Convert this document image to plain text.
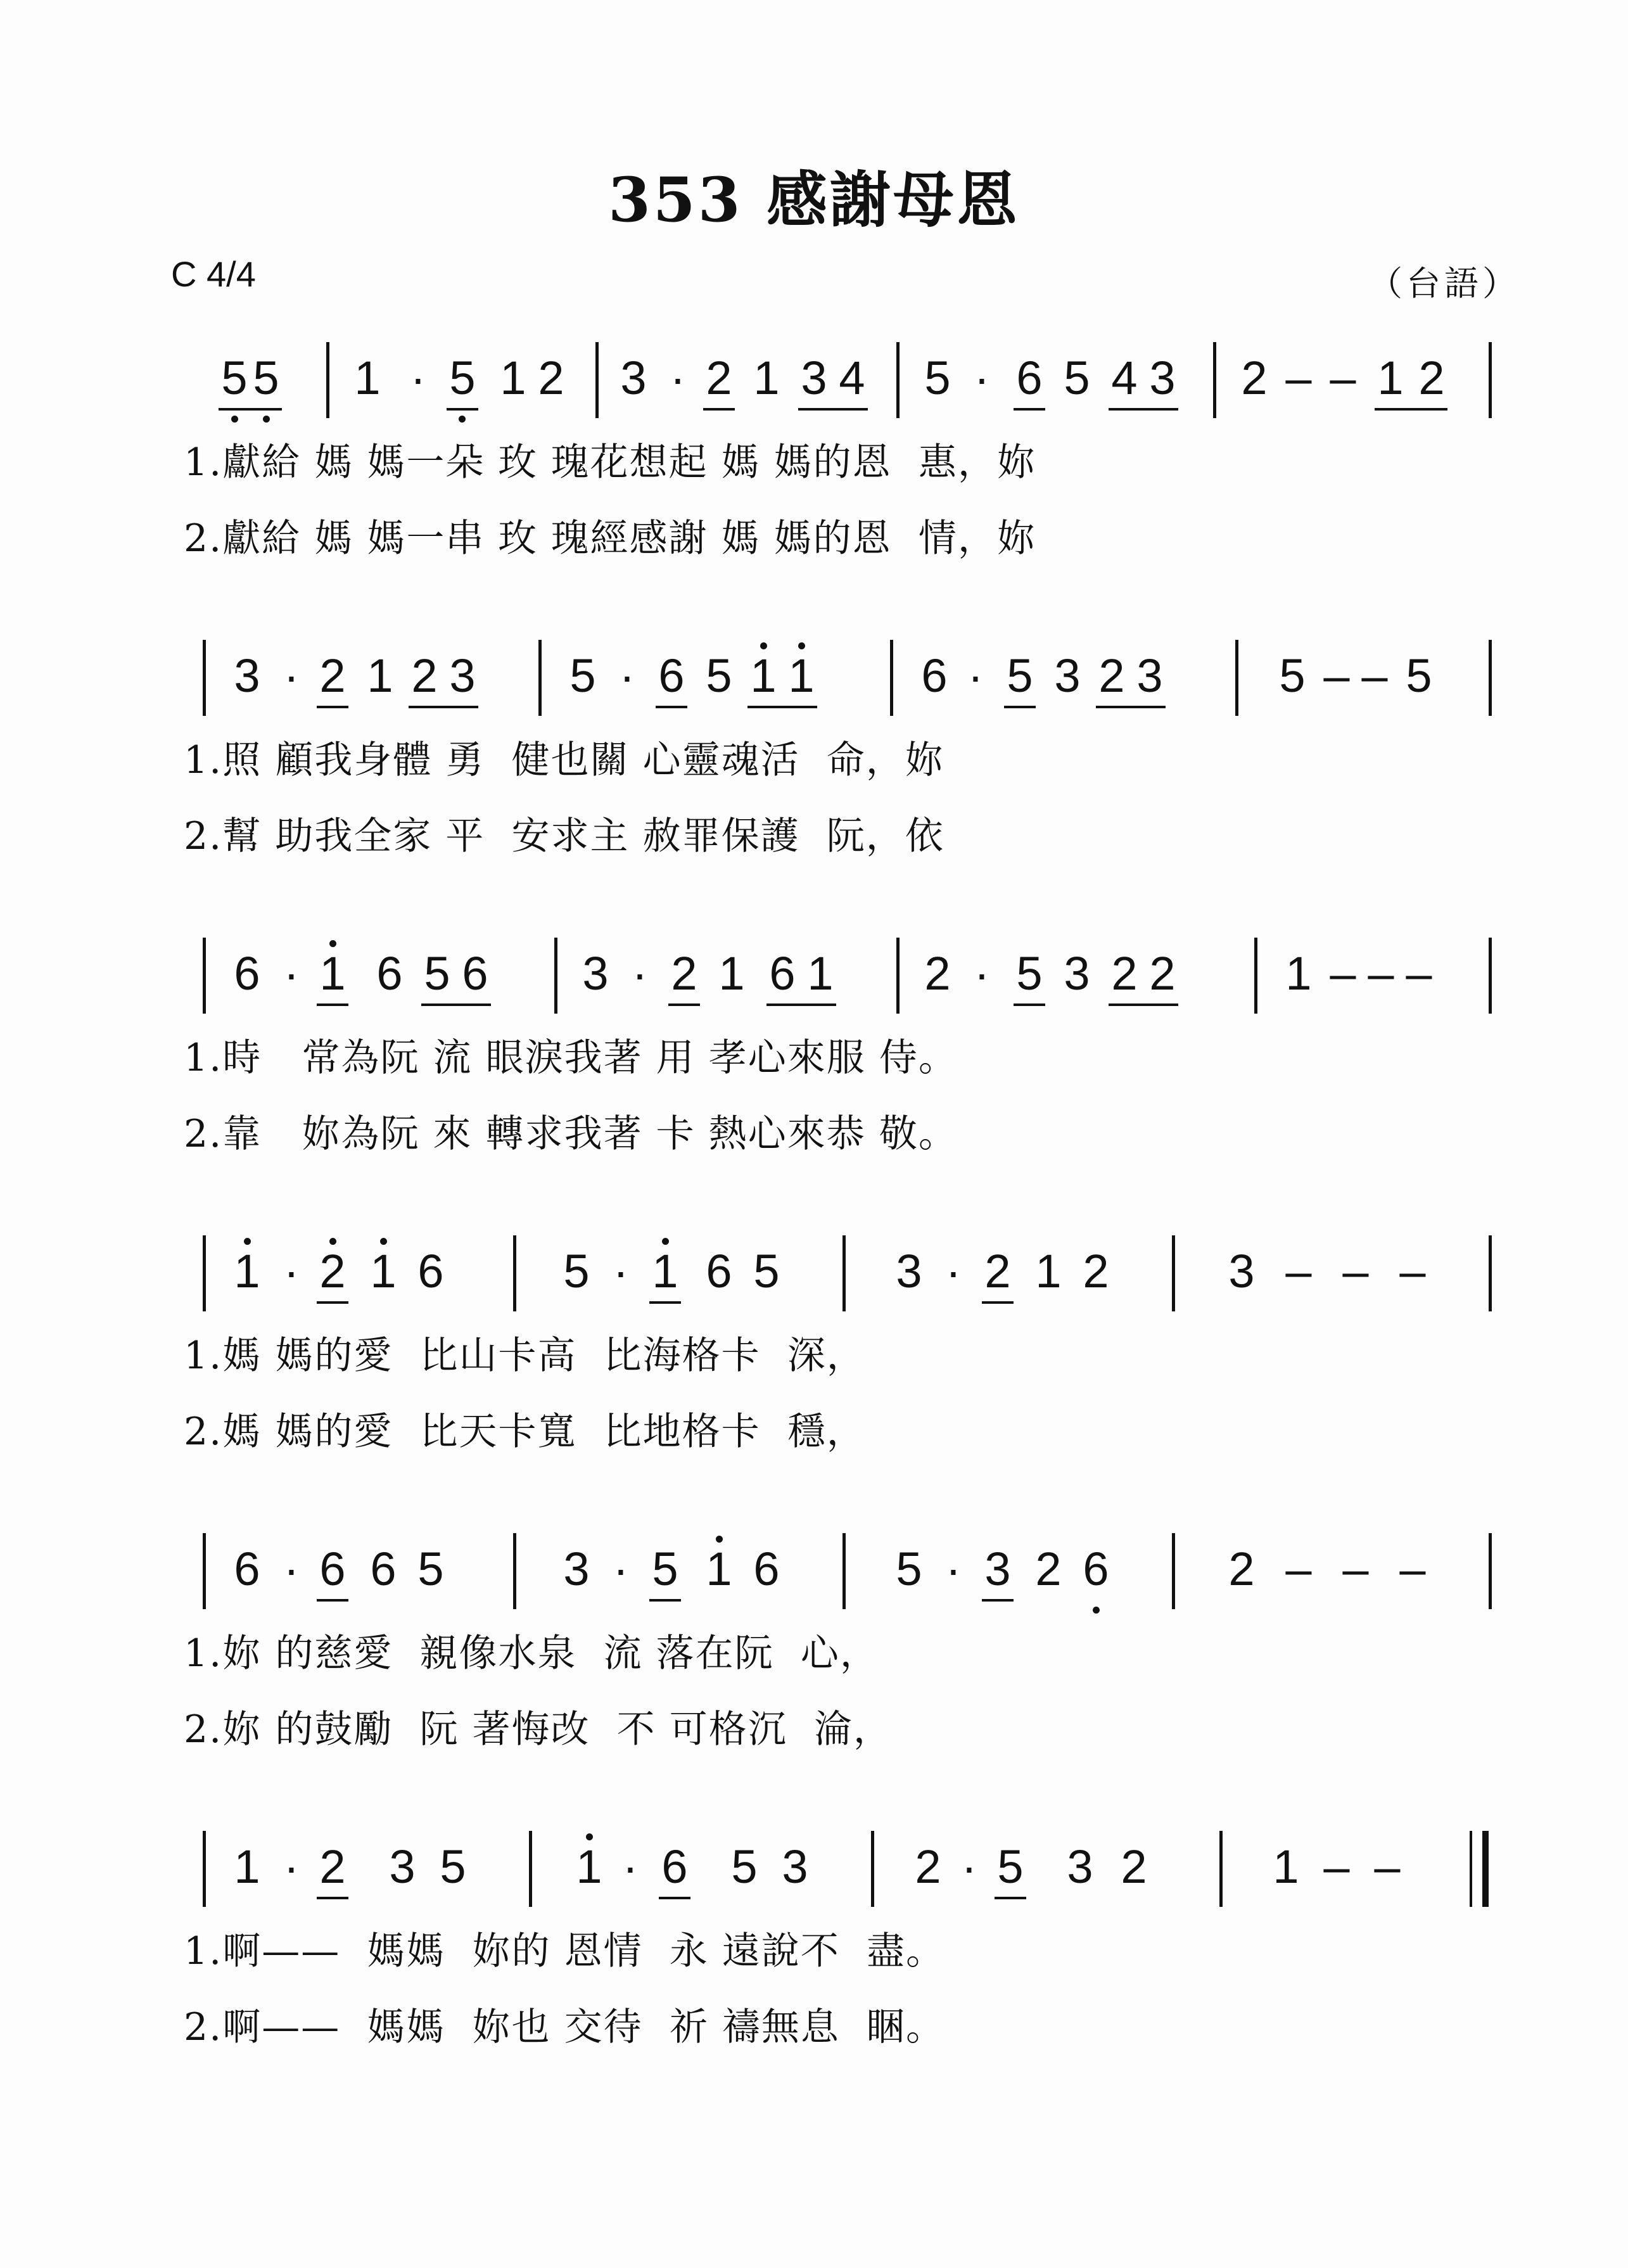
353 感謝母恩
C 4/4	（台語）
5 5 1 · 5 1 2 3 · 2 1 3 4 5 · 6 5 4 3 2 – – 1 2
1.獻給 媽 媽一朵 玫 瑰花想起 媽 媽的恩  惠，妳
2.獻給 媽 媽一串 玫 瑰經感謝 媽 媽的恩  情，妳
3 · 2 1 2 3 5 · 6 5 1 1 6 · 5 3 2 3 5 – – 5
1.照 顧我身體 勇  健也關 心靈魂活  命，妳
2.幫 助我全家 平  安求主 赦罪保護  阮，依
6 · 1 6 5 6 3 · 2 1 6 1 2 · 5 3 2 2 1 – – –
1.時   常為阮 流 眼淚我著 用 孝心來服 侍。
2.靠   妳為阮 來 轉求我著 卡 熱心來恭 敬。
1 · 2 1 6	5 · 1 6 5 3 · 2 1 2	3 – – –
1.媽 媽的愛  比山卡高  比海格卡  深，
2.媽 媽的愛  比天卡寬  比地格卡  穩，
6 · 6 6 5	3 · 5 1 6 5 · 3 2 6	2 – – –
1.妳 的慈愛  親像水泉  流 落在阮  心，
2.妳 的鼓勵  阮 著悔改  不 可格沉  淪，
1 · 2 3 5 1 · 6 5 3 2 · 5 3 2	1 – –
1.啊——  媽媽  妳的 恩情  永 遠說不  盡。
2.啊——  媽媽  妳也 交待  祈 禱無息  睏。
